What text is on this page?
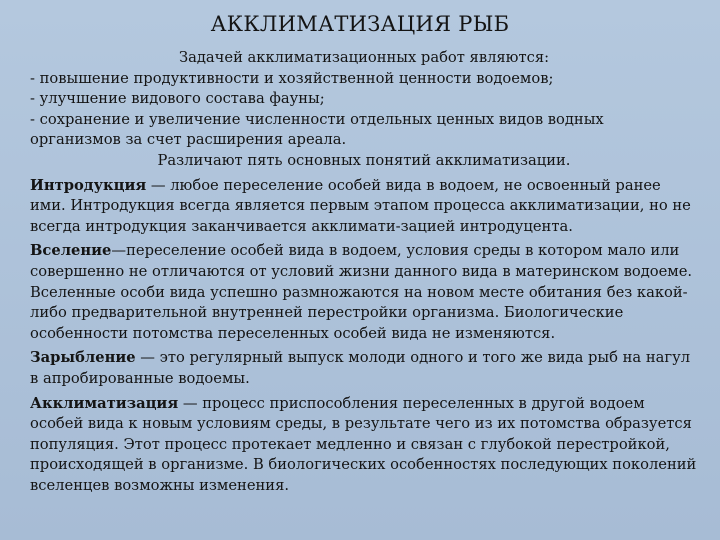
АККЛИМАТИЗАЦИЯ РЫБ

Задачей акклиматизационных работ являются:

- повышение продуктивности и хозяйственной ценности водоемов;

- улучшение видового состава фауны;

- сохранение и увеличение численности отдельных ценных видов водных организмов за счет расширения ареала.

Различают пять основных понятий акклиматизации.

Интродукция — любое переселение особей вида в водоем, не освоенный ранее ими. Интродукция всегда является первым этапом процесса акклиматизации, но не всегда интродукция заканчивается акклимати-зацией интродуцента.

Вселение—переселение особей вида в водоем, условия среды в котором мало или совершенно не отличаются от условий жизни данного вида в материнском водоеме. Вселенные особи вида успешно размножаются на новом месте обитания без какой-либо предварительной внутренней перестройки организма. Биологические особенности потомства переселенных особей вида не изменяются.

Зарыбление — это регулярный выпуск молоди одного и того же вида рыб на нагул в апробированные водоемы.

Акклиматизация — процесс приспособления переселенных в другой водоем особей вида к новым условиям среды, в результате чего из их потомства образуется популяция. Этот процесс протекает медленно и связан с глубокой перестройкой, происходящей в организме. В биологических особенностях последующих поколений вселенцев возможны изменения.
